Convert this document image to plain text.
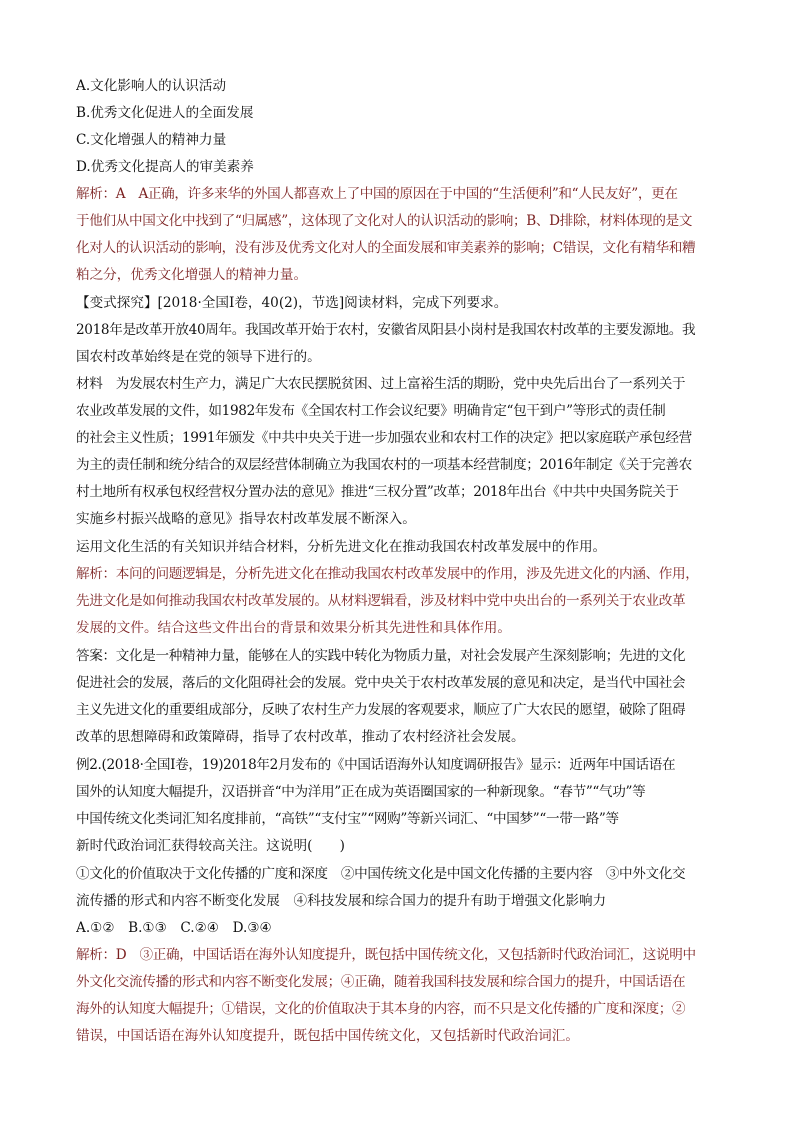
A.文化影响人的认识活动
B.优秀文化促进人的全面发展
C.文化增强人的精神力量
D.优秀文化提高人的审美素养
解析：A　A正确，许多来华的外国人都喜欢上了中国的原因在于中国的“生活便利”和“人民友好”，更在
于他们从中国文化中找到了“归属感”，这体现了文化对人的认识活动的影响；B、D排除，材料体现的是文
化对人的认识活动的影响，没有涉及优秀文化对人的全面发展和审美素养的影响；C错误，文化有精华和糟
粕之分，优秀文化增强人的精神力量。
【变式探究】[2018·全国Ⅰ卷，40(2)，节选]阅读材料，完成下列要求。
2018年是改革开放40周年。我国改革开始于农村，安徽省凤阳县小岗村是我国农村改革的主要发源地。我
国农村改革始终是在党的领导下进行的。
材料　为发展农村生产力，满足广大农民摆脱贫困、过上富裕生活的期盼，党中央先后出台了一系列关于
农业改革发展的文件，如1982年发布《全国农村工作会议纪要》明确肯定“包干到户”等形式的责任制
的社会主义性质；1991年颁发《中共中央关于进一步加强农业和农村工作的决定》把以家庭联产承包经营
为主的责任制和统分结合的双层经营体制确立为我国农村的一项基本经营制度；2016年制定《关于完善农
村土地所有权承包权经营权分置办法的意见》推进“三权分置”改革；2018年出台《中共中央国务院关于
实施乡村振兴战略的意见》指导农村改革发展不断深入。
运用文化生活的有关知识并结合材料，分析先进文化在推动我国农村改革发展中的作用。
解析：本问的问题逻辑是，分析先进文化在推动我国农村改革发展中的作用，涉及先进文化的内涵、作用，
先进文化是如何推动我国农村改革发展的。从材料逻辑看，涉及材料中党中央出台的一系列关于农业改革
发展的文件。结合这些文件出台的背景和效果分析其先进性和具体作用。
答案：文化是一种精神力量，能够在人的实践中转化为物质力量，对社会发展产生深刻影响；先进的文化
促进社会的发展，落后的文化阻碍社会的发展。党中央关于农村改革发展的意见和决定，是当代中国社会
主义先进文化的重要组成部分，反映了农村生产力发展的客观要求，顺应了广大农民的愿望，破除了阻碍
改革的思想障碍和政策障碍，指导了农村改革，推动了农村经济社会发展。
例2.(2018·全国Ⅰ卷，19)2018年2月发布的《中国话语海外认知度调研报告》显示：近两年中国话语在
国外的认知度大幅提升，汉语拼音“中为洋用”正在成为英语圈国家的一种新现象。“春节”“气功”等
中国传统文化类词汇知名度排前，“高铁”“支付宝”“网购”等新兴词汇、“中国梦”“一带一路”等
新时代政治词汇获得较高关注。这说明(　　)
①文化的价值取决于文化传播的广度和深度　②中国传统文化是中国文化传播的主要内容　③中外文化交
流传播的形式和内容不断变化发展　④科技发展和综合国力的提升有助于增强文化影响力
A.①②　B.①③　C.②④　D.③④
解析：D　③正确，中国话语在海外认知度提升，既包括中国传统文化，又包括新时代政治词汇，这说明中
外文化交流传播的形式和内容不断变化发展；④正确，随着我国科技发展和综合国力的提升，中国话语在
海外的认知度大幅提升；①错误，文化的价值取决于其本身的内容，而不只是文化传播的广度和深度；②
错误，中国话语在海外认知度提升，既包括中国传统文化，又包括新时代政治词汇。
